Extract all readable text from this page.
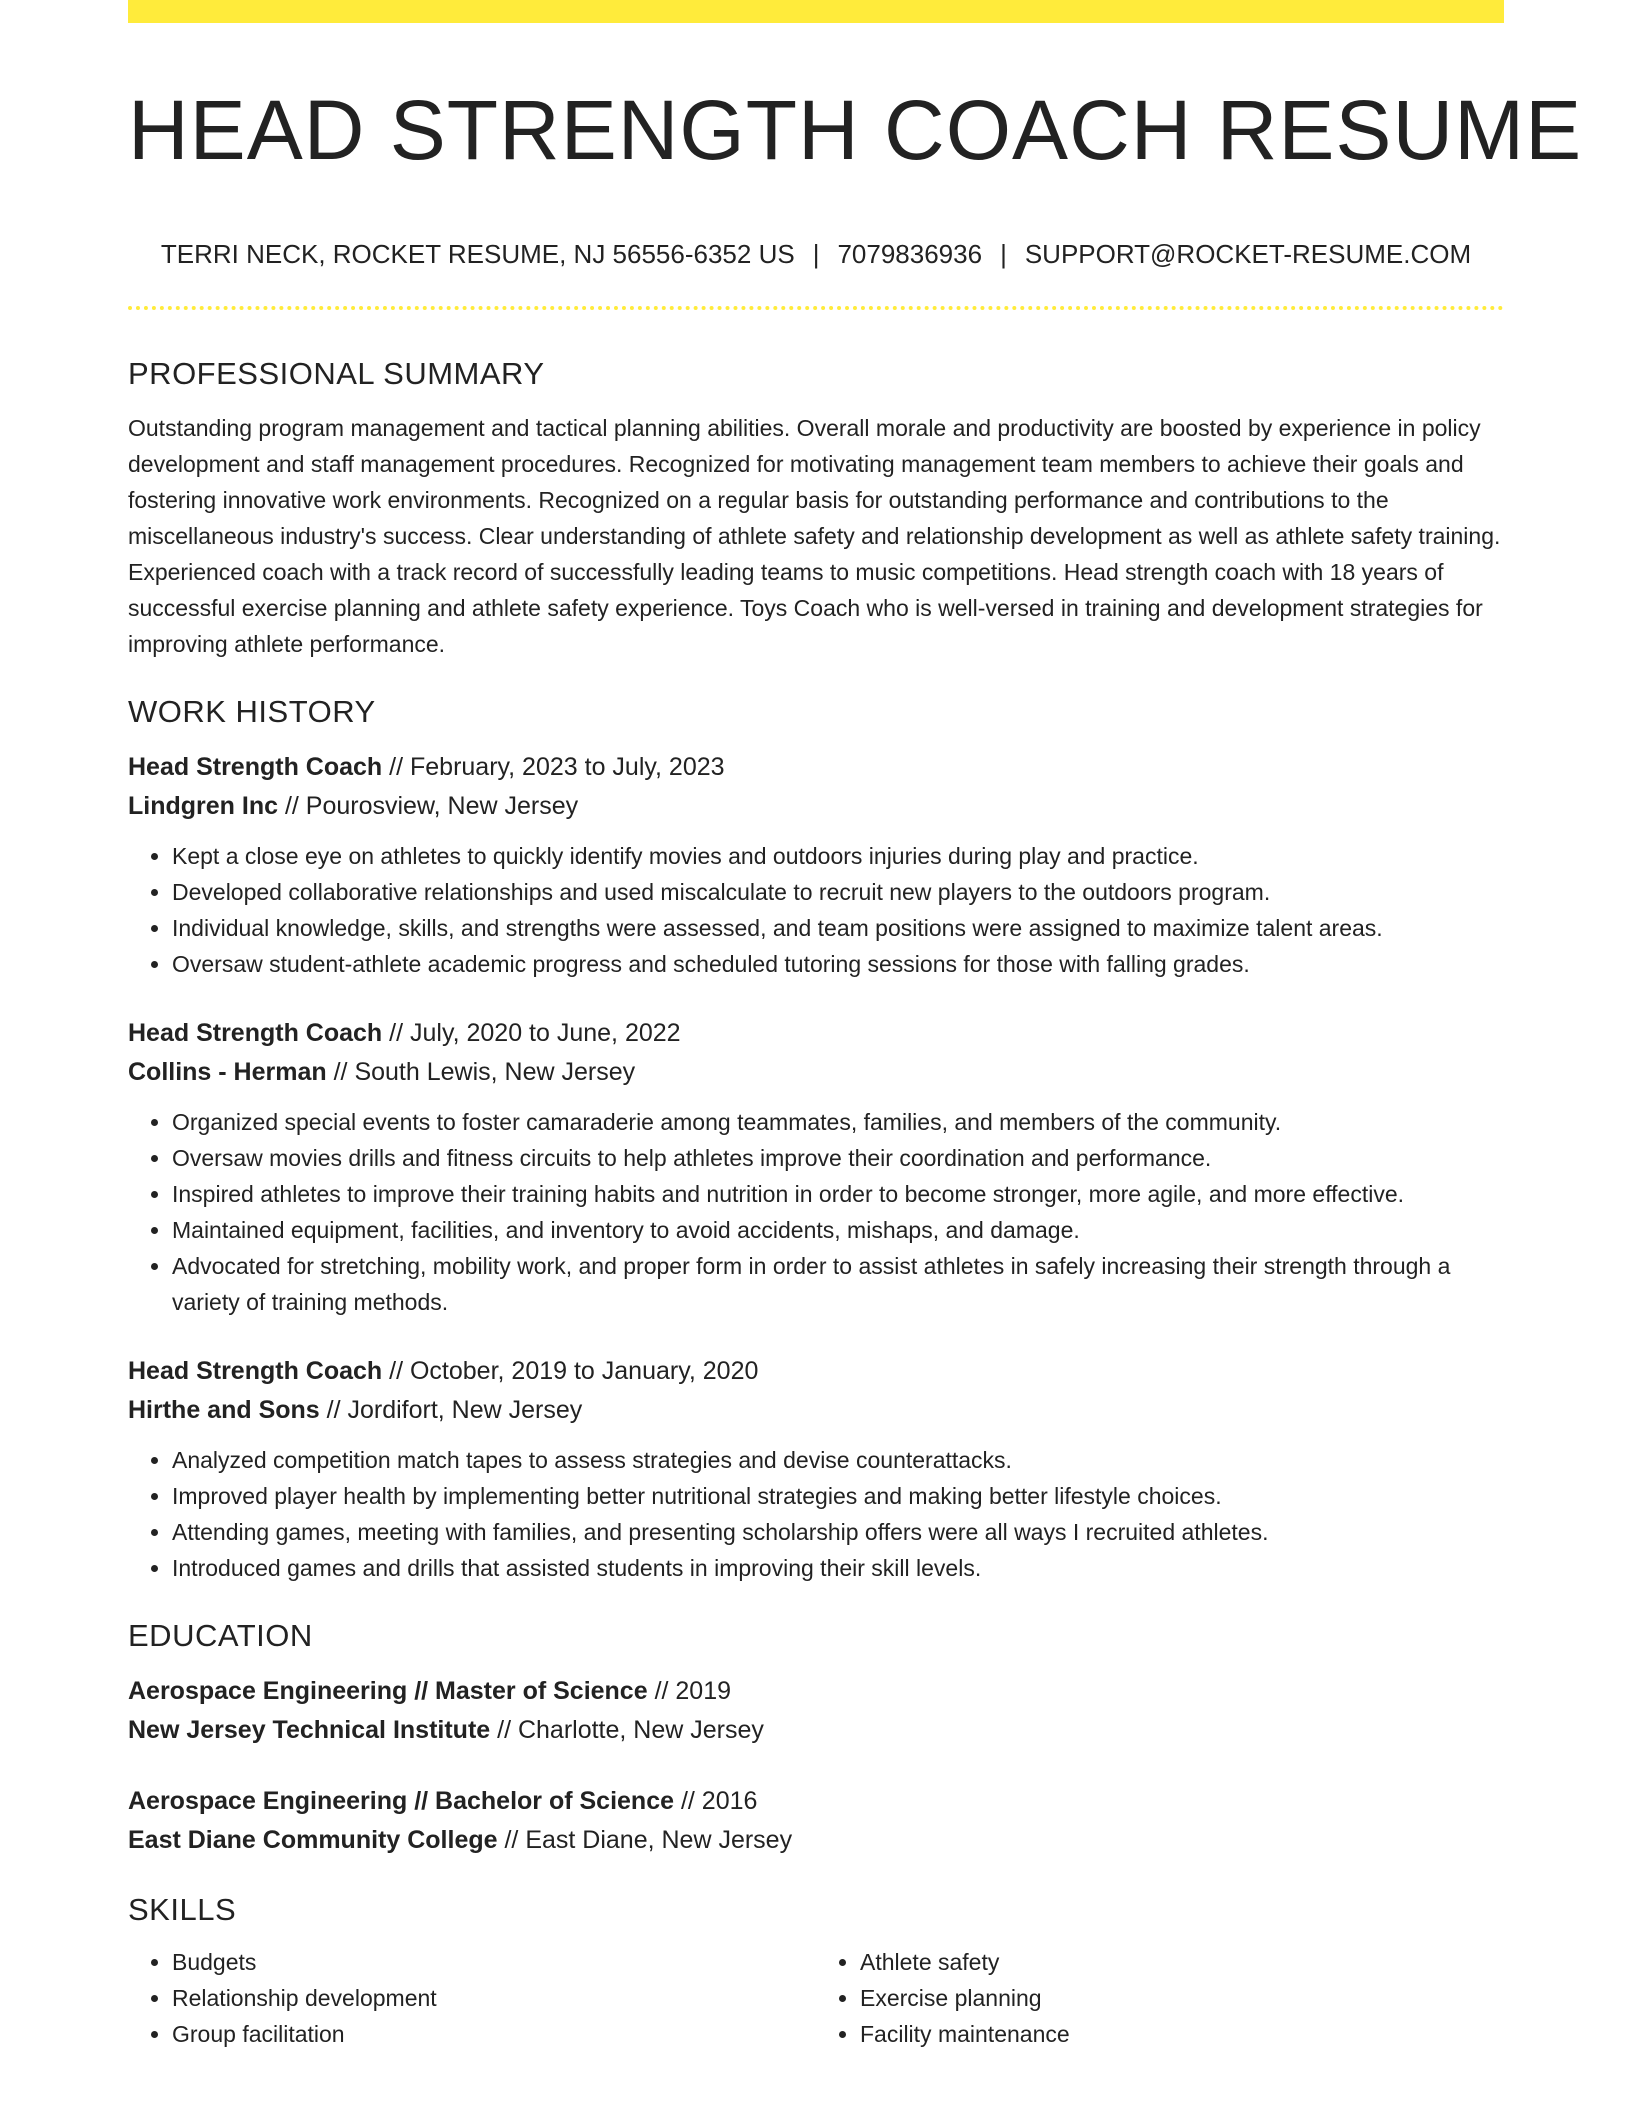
HEAD STRENGTH COACH RESUME
TERRI NECK, ROCKET RESUME, NJ 56556-6352 US | 7079836936 | SUPPORT@ROCKET-RESUME.COM
PROFESSIONAL SUMMARY

Outstanding program management and tactical planning abilities. Overall morale and productivity are boosted by experience in policy development and staff management procedures. Recognized for motivating management team members to achieve their goals and fostering innovative work environments. Recognized on a regular basis for outstanding performance and contributions to the miscellaneous industry's success. Clear understanding of athlete safety and relationship development as well as athlete safety training. Experienced coach with a track record of successfully leading teams to music competitions. Head strength coach with 18 years of successful exercise planning and athlete safety experience. Toys Coach who is well-versed in training and development strategies for improving athlete performance.

WORK HISTORY
Head Strength Coach // February, 2023 to July, 2023
Lindgren Inc // Pourosview, New Jersey
• Kept a close eye on athletes to quickly identify movies and outdoors injuries during play and practice.
• Developed collaborative relationships and used miscalculate to recruit new players to the outdoors program.
• Individual knowledge, skills, and strengths were assessed, and team positions were assigned to maximize talent areas.
• Oversaw student-athlete academic progress and scheduled tutoring sessions for those with falling grades.
Head Strength Coach // July, 2020 to June, 2022
Collins - Herman // South Lewis, New Jersey
• Organized special events to foster camaraderie among teammates, families, and members of the community.
• Oversaw movies drills and fitness circuits to help athletes improve their coordination and performance.
• Inspired athletes to improve their training habits and nutrition in order to become stronger, more agile, and more effective.
• Maintained equipment, facilities, and inventory to avoid accidents, mishaps, and damage.
• Advocated for stretching, mobility work, and proper form in order to assist athletes in safely increasing their strength through a variety of training methods.
Head Strength Coach // October, 2019 to January, 2020
Hirthe and Sons // Jordifort, New Jersey
• Analyzed competition match tapes to assess strategies and devise counterattacks.
• Improved player health by implementing better nutritional strategies and making better lifestyle choices.
• Attending games, meeting with families, and presenting scholarship offers were all ways I recruited athletes.
• Introduced games and drills that assisted students in improving their skill levels.
EDUCATION
Aerospace Engineering // Master of Science // 2019
New Jersey Technical Institute // Charlotte, New Jersey
Aerospace Engineering // Bachelor of Science // 2016
East Diane Community College // East Diane, New Jersey
SKILLS
• Budgets
• Relationship development
• Group facilitation
• Athlete safety
• Exercise planning
• Facility maintenance
